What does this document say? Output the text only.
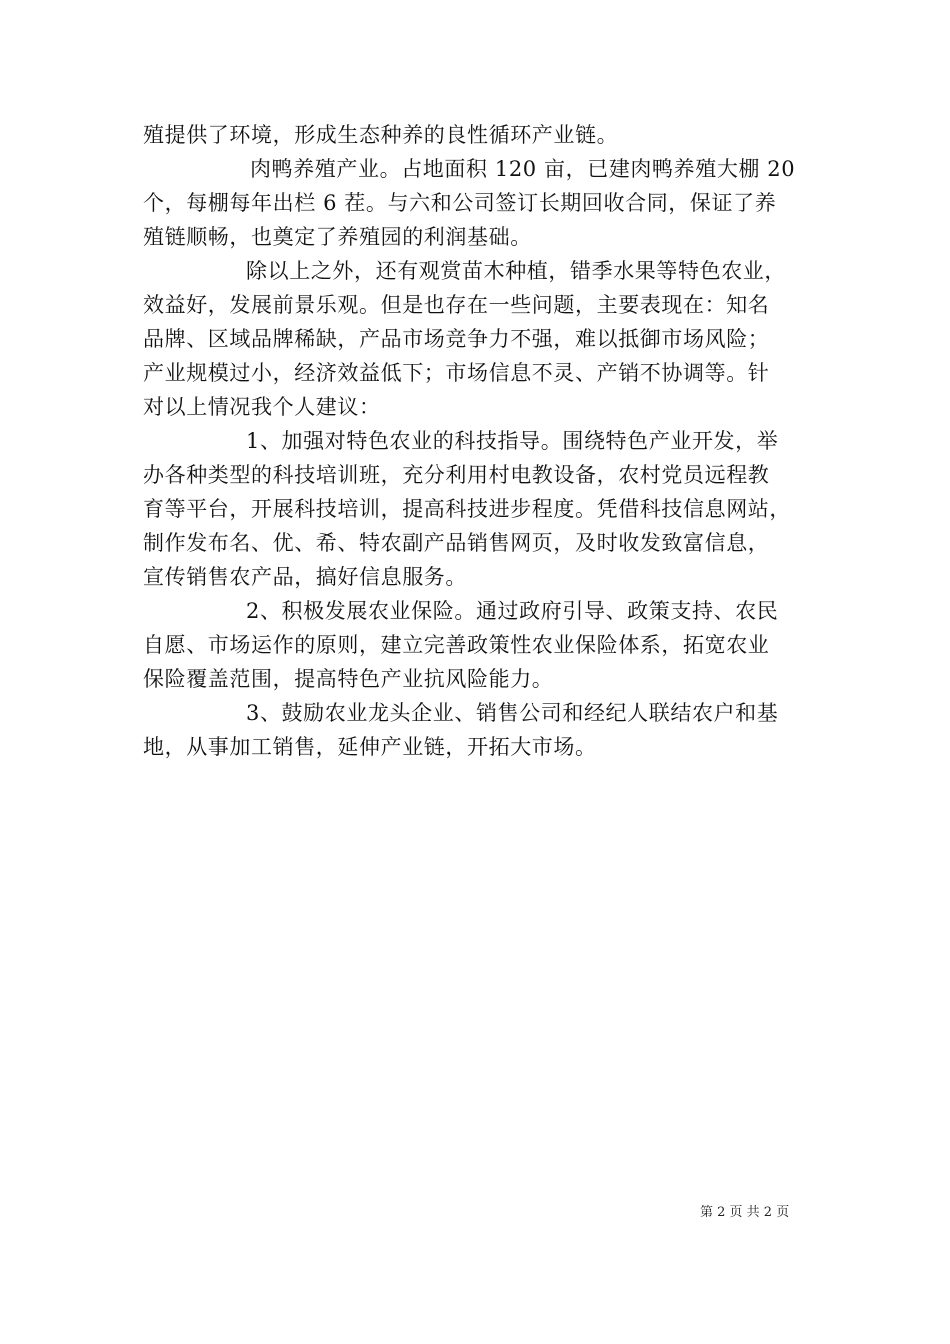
殖提供了环境，形成生态种养的良性循环产业链。
肉鸭养殖产业。占地面积 120 亩，已建肉鸭养殖大棚 20
个，每棚每年出栏 6 茬。与六和公司签订长期回收合同，保证了养
殖链顺畅，也奠定了养殖园的利润基础。
除以上之外，还有观赏苗木种植，错季水果等特色农业，
效益好，发展前景乐观。但是也存在一些问题，主要表现在：知名
品牌、区域品牌稀缺，产品市场竞争力不强，难以抵御市场风险；
产业规模过小，经济效益低下；市场信息不灵、产销不协调等。针
对以上情况我个人建议：
1、加强对特色农业的科技指导。围绕特色产业开发，举
办各种类型的科技培训班，充分利用村电教设备，农村党员远程教
育等平台，开展科技培训，提高科技进步程度。凭借科技信息网站，
制作发布名、优、希、特农副产品销售网页，及时收发致富信息，
宣传销售农产品，搞好信息服务。
2、积极发展农业保险。通过政府引导、政策支持、农民
自愿、市场运作的原则，建立完善政策性农业保险体系，拓宽农业
保险覆盖范围，提高特色产业抗风险能力。
3、鼓励农业龙头企业、销售公司和经纪人联结农户和基
地，从事加工销售，延伸产业链，开拓大市场。
第 2 页 共 2 页
